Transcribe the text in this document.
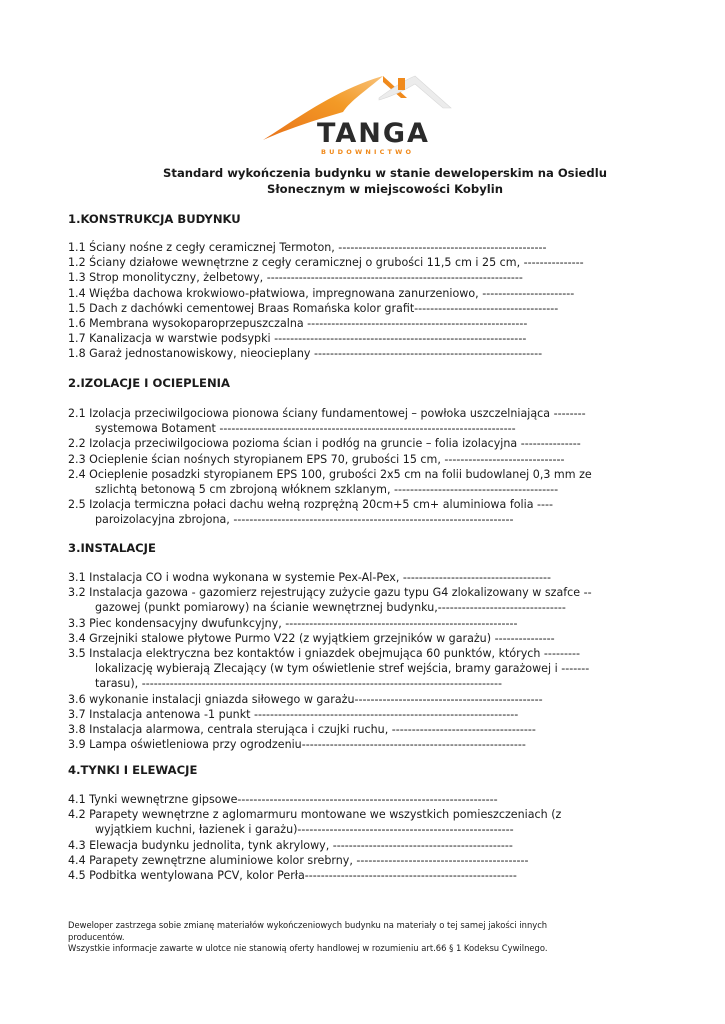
TANGA
BUDOWNICTWO
Standard wykończenia budynku w stanie deweloperskim na Osiedlu
Słonecznym w miejscowości Kobylin
1.KONSTRUKCJA BUDYNKU
1.1 Ściany nośne z cegły ceramicznej Termoton, ----------------------------------------------------
1.2 Ściany działowe wewnętrzne z cegły ceramicznej o grubości 11,5 cm i 25 cm, ---------------
1.3 Strop monolityczny, żelbetowy, ----------------------------------------------------------------
1.4 Więźba dachowa krokwiowo-płatwiowa, impregnowana zanurzeniowo, -----------------------
1.5 Dach z dachówki cementowej Braas Romańska kolor grafit------------------------------------
1.6 Membrana wysokoparoprzepuszczalna -------------------------------------------------------
1.7 Kanalizacja w warstwie podsypki ---------------------------------------------------------------
1.8 Garaż jednostanowiskowy, nieocieplany ---------------------------------------------------------
2.IZOLACJE I OCIEPLENIA
2.1 Izolacja przeciwilgociowa pionowa ściany fundamentowej – powłoka uszczelniająca --------
systemowa Botament --------------------------------------------------------------------------
2.2 Izolacja przeciwilgociowa pozioma ścian i podłóg na gruncie – folia izolacyjna ---------------
2.3 Ocieplenie ścian nośnych styropianem EPS 70, grubości 15 cm, ------------------------------
2.4 Ocieplenie posadzki styropianem EPS 100, grubości 2x5 cm na folii budowlanej 0,3 mm ze
szlichtą betonową 5 cm zbrojoną włóknem szklanym, -----------------------------------------
2.5 Izolacja termiczna połaci dachu wełną rozprężną 20cm+5 cm+ aluminiowa folia ----
paroizolacyjna zbrojona, ----------------------------------------------------------------------
3.INSTALACJE
3.1 Instalacja CO i wodna wykonana w systemie Pex-Al-Pex, -------------------------------------
3.2 Instalacja gazowa - gazomierz rejestrujący zużycie gazu typu G4 zlokalizowany w szafce --
gazowej (punkt pomiarowy) na ścianie wewnętrznej budynku,--------------------------------
3.3 Piec kondensacyjny dwufunkcyjny, ----------------------------------------------------------
3.4 Grzejniki stalowe płytowe Purmo V22 (z wyjątkiem grzejników w garażu) ---------------
3.5 Instalacja elektryczna bez kontaktów i gniazdek obejmująca 60 punktów, których ---------
lokalizację wybierają Zlecający (w tym oświetlenie stref wejścia, bramy garażowej i -------
tarasu), ------------------------------------------------------------------------------------------
3.6 wykonanie instalacji gniazda siłowego w garażu-----------------------------------------------
3.7 Instalacja antenowa -1 punkt ------------------------------------------------------------------
3.8 Instalacja alarmowa, centrala sterująca i czujki ruchu, ------------------------------------
3.9 Lampa oświetleniowa przy ogrodzeniu--------------------------------------------------------
4.TYNKI I ELEWACJE
4.1 Tynki wewnętrzne gipsowe-----------------------------------------------------------------
4.2 Parapety wewnętrzne z aglomarmuru montowane we wszystkich pomieszczeniach (z
wyjątkiem kuchni, łazienek i garażu)------------------------------------------------------
4.3 Elewacja budynku jednolita, tynk akrylowy, ---------------------------------------------
4.4 Parapety zewnętrzne aluminiowe kolor srebrny, -------------------------------------------
4.5 Podbitka wentylowana PCV, kolor Perła-----------------------------------------------------
Deweloper zastrzega sobie zmianę materiałów wykończeniowych budynku na materiały o tej samej jakości innych
producentów.
Wszystkie informacje zawarte w ulotce nie stanowią oferty handlowej w rozumieniu art.66 § 1 Kodeksu Cywilnego.
